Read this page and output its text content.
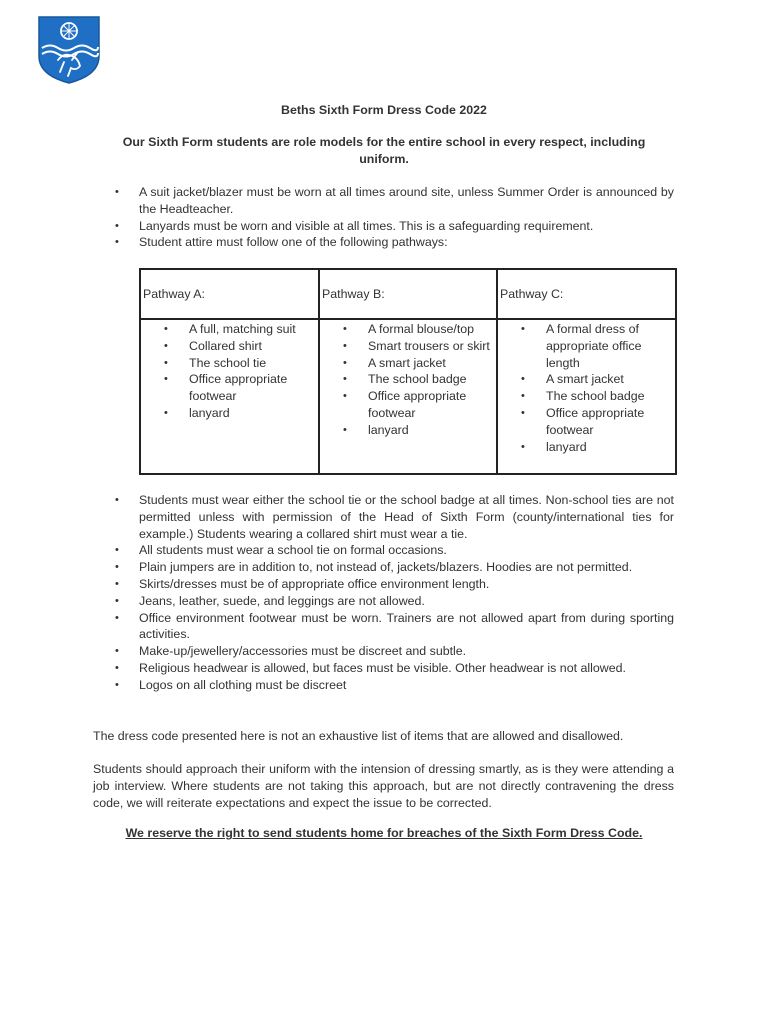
Beths Sixth Form Dress Code 2022
Our Sixth Form students are role models for the entire school in every respect, including uniform.
• A suit jacket/blazer must be worn at all times around site, unless Summer Order is announced by the Headteacher.
• Lanyards must be worn and visible at all times. This is a safeguarding requirement.
• Student attire must follow one of the following pathways:
Pathway A:
• A full, matching suit
• Collared shirt
• The school tie
• Office appropriate footwear
• lanyard
Pathway B:
• A formal blouse/top
• Smart trousers or skirt
• A smart jacket
• The school badge
• Office appropriate footwear
• lanyard
Pathway C:
• A formal dress of appropriate office length
• A smart jacket
• The school badge
• Office appropriate footwear
• lanyard
• Students must wear either the school tie or the school badge at all times. Non-school ties are not permitted unless with permission of the Head of Sixth Form (county/international ties for example.) Students wearing a collared shirt must wear a tie.
• All students must wear a school tie on formal occasions.
• Plain jumpers are in addition to, not instead of, jackets/blazers. Hoodies are not permitted.
• Skirts/dresses must be of appropriate office environment length.
• Jeans, leather, suede, and leggings are not allowed.
• Office environment footwear must be worn. Trainers are not allowed apart from during sporting activities.
• Make-up/jewellery/accessories must be discreet and subtle.
• Religious headwear is allowed, but faces must be visible. Other headwear is not allowed.
• Logos on all clothing must be discreet

The dress code presented here is not an exhaustive list of items that are allowed and disallowed.

Students should approach their uniform with the intension of dressing smartly, as is they were attending a job interview. Where students are not taking this approach, but are not directly contravening the dress code, we will reiterate expectations and expect the issue to be corrected.

We reserve the right to send students home for breaches of the Sixth Form Dress Code.
